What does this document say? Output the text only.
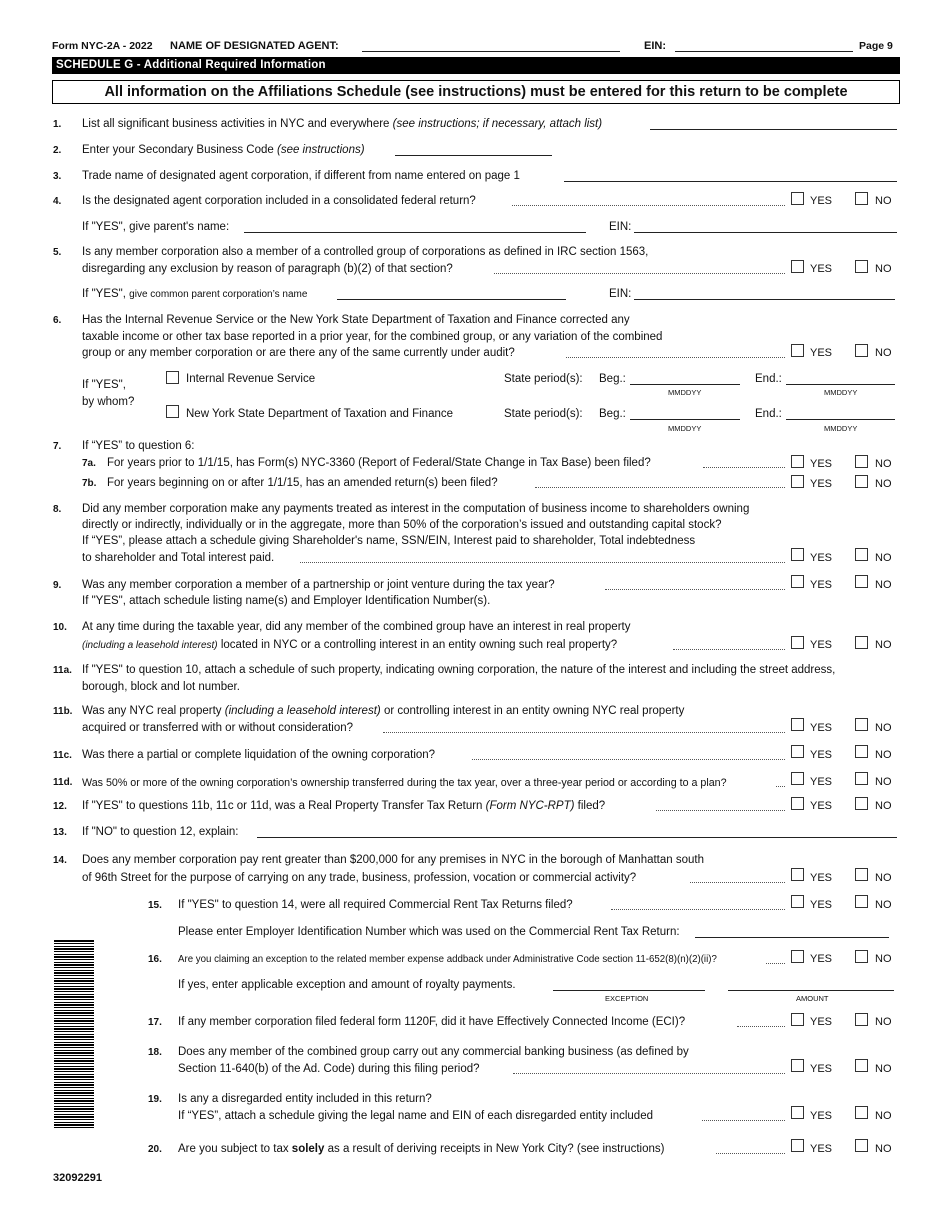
Form NYC-2A - 2022 NAME OF DESIGNATED AGENT:	EIN:	Page 9
SCHEDULE G - Additional Required Information
All information on the Affiliations Schedule (see instructions) must be entered for this return to be complete
1. List all significant business activities in NYC and everywhere (see instructions; if necessary, attach list)
2. Enter your Secondary Business Code (see instructions)
3. Trade name of designated agent corporation, if different from name entered on page 1
4. Is the designated agent corporation included in a consolidated federal return?	YES	NO
If "YES", give parent's name:	EIN:
5. Is any member corporation also a member of a controlled group of corporations as defined in IRC section 1563,
disregarding any exclusion by reason of paragraph (b)(2) of that section?	YES	NO
If "YES", give common parent corporation’s name	EIN:
6. Has the Internal Revenue Service or the New York State Department of Taxation and Finance corrected any
taxable income or other tax base reported in a prior year, for the combined group, or any variation of the combined
group or any member corporation or are there any of the same currently under audit?	YES	NO
If "YES",
by whom?
Internal Revenue Service	State period(s): Beg.:
MMDDYY
End.:
MMDDYY
New York State Department of Taxation and Finance	State period(s): Beg.:
MMDDYY
End.:
MMDDYY
7. If “YES” to question 6:
7a. For years prior to 1/1/15, has Form(s) NYC-3360 (Report of Federal/State Change in Tax Base) been filed?	YES	NO
7b. For years beginning on or after 1/1/15, has an amended return(s) been filed?	YES	NO
8. Did any member corporation make any payments treated as interest in the computation of business income to shareholders owning
directly or indirectly, individually or in the aggregate, more than 50% of the corporation’s issued and outstanding capital stock?
If “YES”, please attach a schedule giving Shareholder's name, SSN/EIN, Interest paid to shareholder, Total indebtedness
to shareholder and Total interest paid.	YES	NO
9. Was any member corporation a member of a partnership or joint venture during the tax year?	YES	NO
If "YES", attach schedule listing name(s) and Employer Identification Number(s).
10. At any time during the taxable year, did any member of the combined group have an interest in real property
(including a leasehold interest) located in NYC or a controlling interest in an entity owning such real property?	YES	NO
11a. If "YES" to question 10, attach a schedule of such property, indicating owning corporation, the nature of the interest and including the street address,
borough, block and lot number.
11b. Was any NYC real property (including a leasehold interest) or controlling interest in an entity owning NYC real property
acquired or transferred with or without consideration?	YES	NO
11c. Was there a partial or complete liquidation of the owning corporation?	YES	NO
11d. Was 50% or more of the owning corporation’s ownership transferred during the tax year, over a three-year period or according to a plan?	YES	NO
12. If "YES" to questions 11b, 11c or 11d, was a Real Property Transfer Tax Return (Form NYC-RPT) filed?	YES	NO
13. If "NO" to question 12, explain:
14. Does any member corporation pay rent greater than $200,000 for any premises in NYC in the borough of Manhattan south
of 96th Street for the purpose of carrying on any trade, business, profession, vocation or commercial activity?	YES	NO
15. If "YES" to question 14, were all required Commercial Rent Tax Returns filed?	YES	NO
Please enter Employer Identification Number which was used on the Commercial Rent Tax Return:
16. Are you claiming an exception to the related member expense addback under Administrative Code section 11-652(8)(n)(2)(ii)?	YES	NO
If yes, enter applicable exception and amount of royalty payments.
EXCEPTION	AMOUNT
17. If any member corporation filed federal form 1120F, did it have Effectively Connected Income (ECI)?	YES	NO
18. Does any member of the combined group carry out any commercial banking business (as defined by
Section 11-640(b) of the Ad. Code) during this filing period?	YES	NO
19. Is any a disregarded entity included in this return?
If “YES”, attach a schedule giving the legal name and EIN of each disregarded entity included	YES	NO
20. Are you subject to tax solely as a result of deriving receipts in New York City? (see instructions)	YES	NO
32092291
